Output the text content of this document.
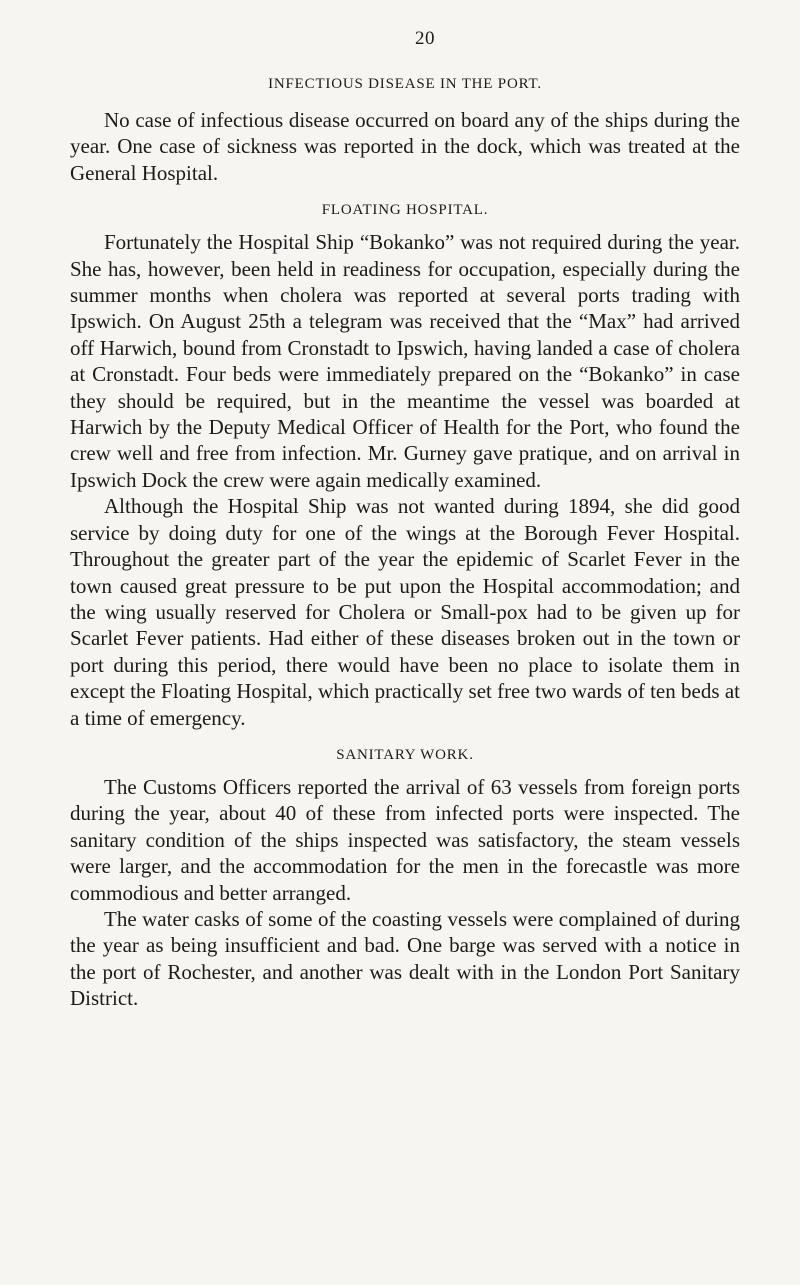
20
INFECTIOUS DISEASE IN THE PORT.

No case of infectious disease occurred on board any of the ships during the year. One case of sickness was reported in the dock, which was treated at the General Hospital.

FLOATING HOSPITAL.

Fortunately the Hospital Ship “Bokanko” was not required during the year. She has, however, been held in readiness for occupation, especially during the summer months when cholera was reported at several ports trading with Ipswich. On August 25th a telegram was received that the “Max” had arrived off Harwich, bound from Cronstadt to Ipswich, having landed a case of cholera at Cronstadt. Four beds were immediately prepared on the “Bokanko” in case they should be required, but in the meantime the vessel was boarded at Harwich by the Deputy Medical Officer of Health for the Port, who found the crew well and free from infection. Mr. Gurney gave pratique, and on arrival in Ipswich Dock the crew were again medically examined.

Although the Hospital Ship was not wanted during 1894, she did good service by doing duty for one of the wings at the Borough Fever Hospital. Throughout the greater part of the year the epidemic of Scarlet Fever in the town caused great pressure to be put upon the Hospital accommodation; and the wing usually reserved for Cholera or Small-pox had to be given up for Scarlet Fever patients. Had either of these diseases broken out in the town or port during this period, there would have been no place to isolate them in except the Floating Hospital, which practically set free two wards of ten beds at a time of emergency.

SANITARY WORK.

The Customs Officers reported the arrival of 63 vessels from foreign ports during the year, about 40 of these from infected ports were inspected. The sanitary condition of the ships inspected was satisfactory, the steam vessels were larger, and the accommodation for the men in the forecastle was more commodious and better arranged.

The water casks of some of the coasting vessels were complained of during the year as being insufficient and bad. One barge was served with a notice in the port of Rochester, and another was dealt with in the London Port Sanitary District.
